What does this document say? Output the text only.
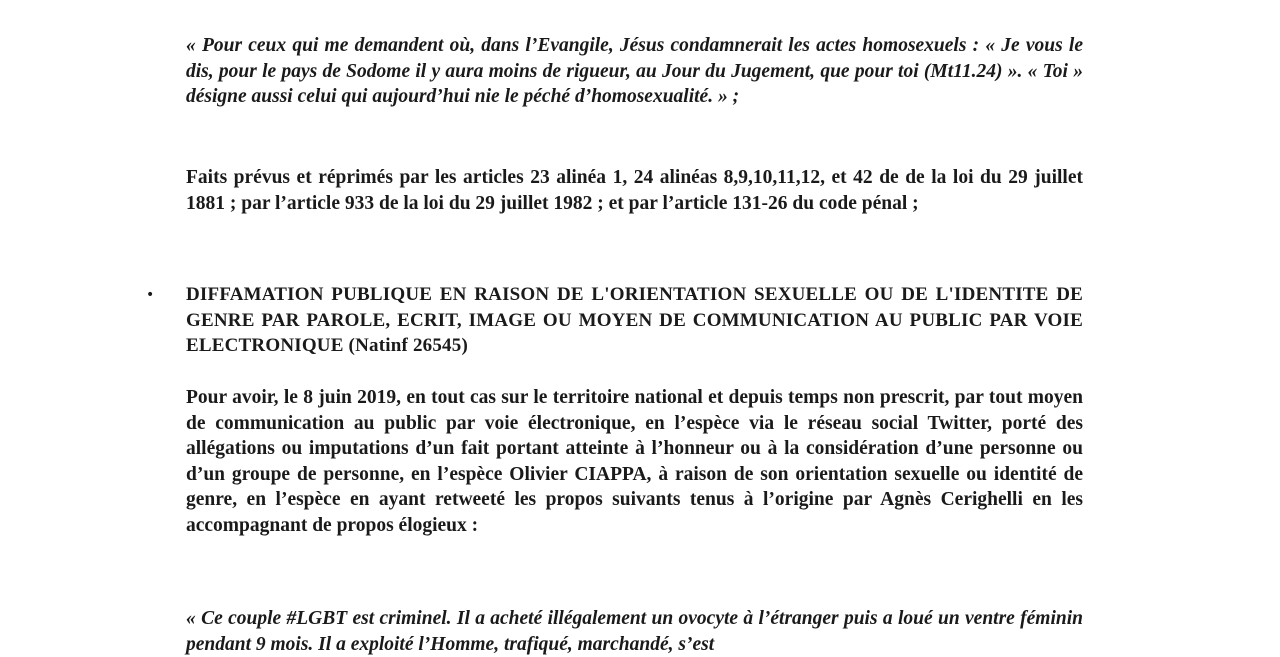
« Pour ceux qui me demandent où, dans l’Evangile, Jésus condamnerait les actes homosexuels : « Je vous le dis, pour le pays de Sodome il y aura moins de rigueur, au Jour du Jugement, que pour toi (Mt11.24) ». « Toi » désigne aussi celui qui aujourd’hui nie le péché d’homosexualité. » ;

Faits prévus et réprimés par les articles 23 alinéa 1, 24 alinéas 8,9,10,11,12, et 42 de de la loi du 29 juillet 1881 ; par l’article 933 de la loi du 29 juillet 1982 ; et par l’article 131-26 du code pénal ;

• DIFFAMATION PUBLIQUE EN RAISON DE L'ORIENTATION SEXUELLE OU DE L'IDENTITE DE GENRE PAR PAROLE, ECRIT, IMAGE OU MOYEN DE COMMUNICATION AU PUBLIC PAR VOIE ELECTRONIQUE (Natinf 26545)

Pour avoir, le 8 juin 2019, en tout cas sur le territoire national et depuis temps non prescrit, par tout moyen de communication au public par voie électronique, en l’espèce via le réseau social Twitter, porté des allégations ou imputations d’un fait portant atteinte à l’honneur ou à la considération d’une personne ou d’un groupe de personne, en l’espèce Olivier CIAPPA, à raison de son orientation sexuelle ou identité de genre, en l’espèce en ayant retweeté les propos suivants tenus à l’origine par Agnès Cerighelli en les accompagnant de propos élogieux :

« Ce couple #LGBT est criminel. Il a acheté illégalement un ovocyte à l’étranger puis a loué un ventre féminin pendant 9 mois. Il a exploité l’Homme, trafiqué, marchandé, s’est
